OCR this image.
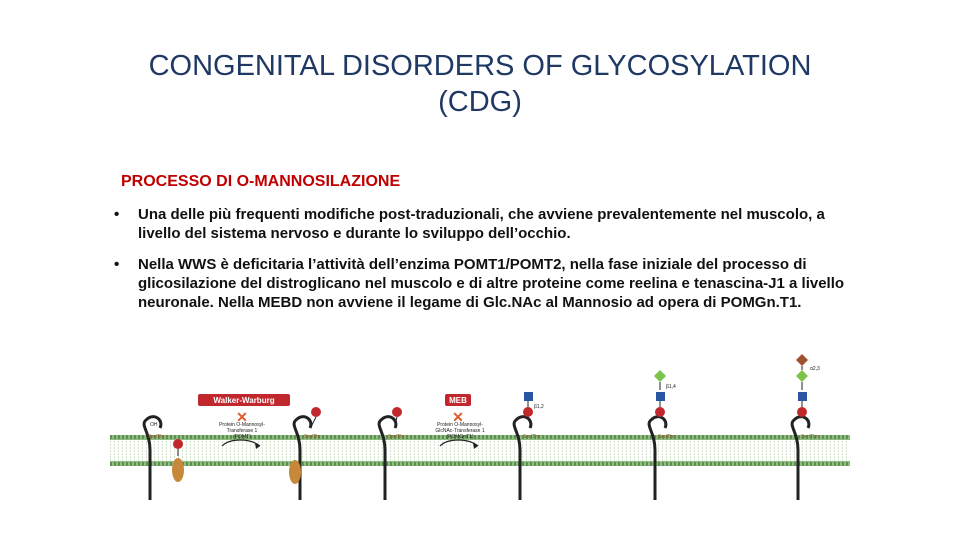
CONGENITAL DISORDERS OF GLYCOSYLATION
(CDG)
PROCESSO DI O-MANNOSILAZIONE
• Una delle più frequenti modifiche post-traduzionali, che avviene prevalentemente nel muscolo, a livello del sistema nervoso e durante lo sviluppo dell’occhio.
• Nella WWS è deficitaria l’attività dell’enzima POMT1/POMT2, nella fase iniziale del processo di glicosilazione del distroglicano nel muscolo e di altre proteine come reelina e tenascina-J1 a livello neuronale. Nella MEBD non avviene il legame di Glc.NAc al Mannosio ad opera di POMGn.T1.
Ser/Thr
OH
Walker-Warburg
✕
Protein O-Mannosyl-
Transferase 1
(POMT)	Ser/Thr	Ser/Thr
MEB
✕
Protein O-Mannosyl-
GlcNAc-Transferase 1
(POMGnT1)
β1,2
Ser/Thr
β1,4
Ser/Thr
α2,3
Ser/Thr
